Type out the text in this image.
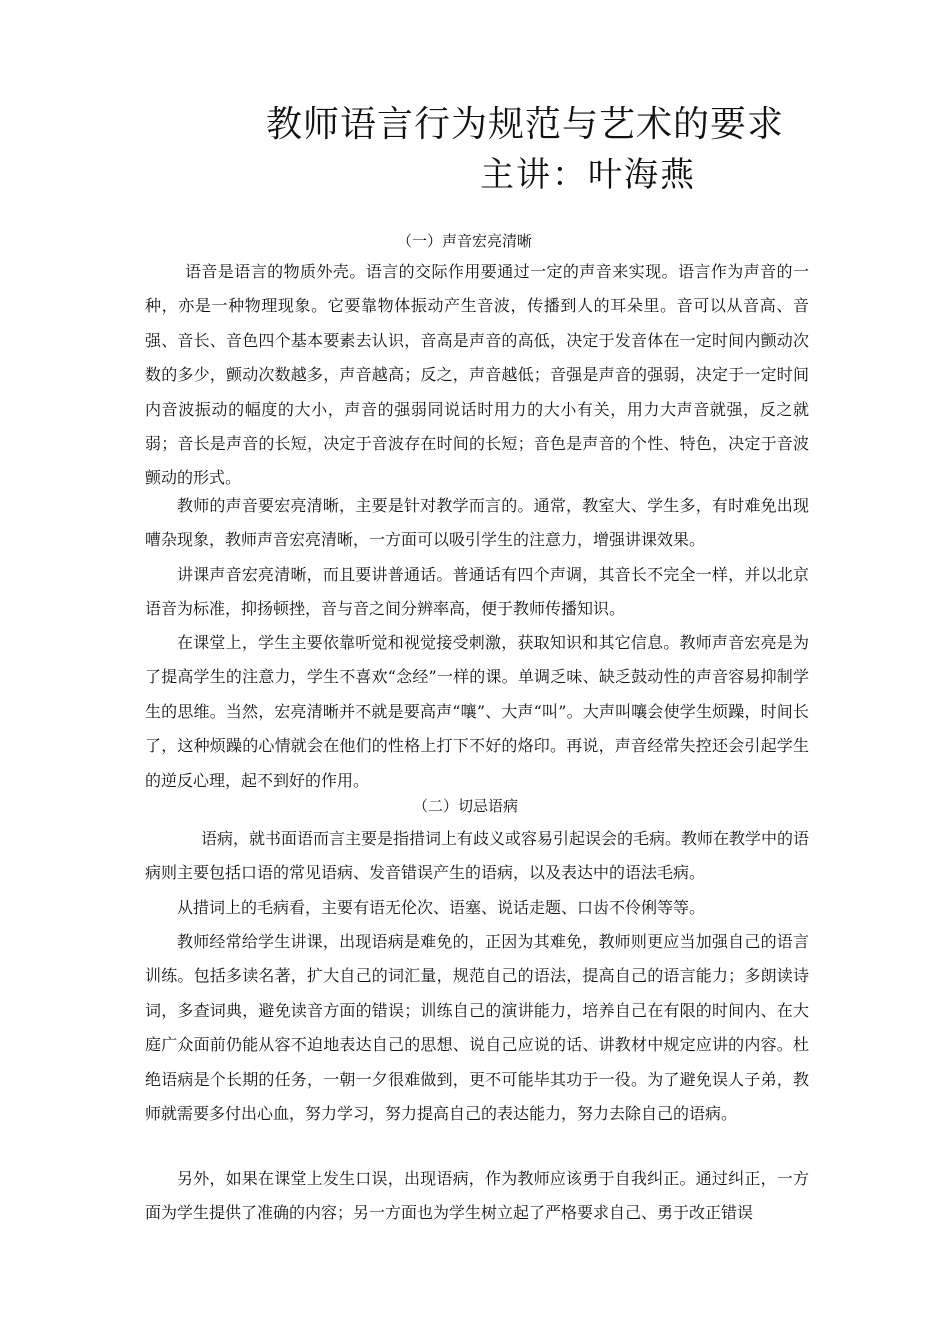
教师语言行为规范与艺术的要求
主讲：叶海燕
（一）声音宏亮清晰
语音是语言的物质外壳。语言的交际作用要通过一定的声音来实现。语言作为声音的一种，亦是一种物理现象。它要靠物体振动产生音波，传播到人的耳朵里。音可以从音高、音强、音长、音色四个基本要素去认识，音高是声音的高低，决定于发音体在一定时间内颤动次数的多少，颤动次数越多，声音越高；反之，声音越低；音强是声音的强弱，决定于一定时间内音波振动的幅度的大小，声音的强弱同说话时用力的大小有关，用力大声音就强，反之就弱；音长是声音的长短，决定于音波存在时间的长短；音色是声音的个性、特色，决定于音波颤动的形式。
教师的声音要宏亮清晰，主要是针对教学而言的。通常，教室大、学生多，有时难免出现嘈杂现象，教师声音宏亮清晰，一方面可以吸引学生的注意力，增强讲课效果。
讲课声音宏亮清晰，而且要讲普通话。普通话有四个声调，其音长不完全一样，并以北京语音为标准，抑扬顿挫，音与音之间分辨率高，便于教师传播知识。
在课堂上，学生主要依靠听觉和视觉接受刺激，获取知识和其它信息。教师声音宏亮是为了提高学生的注意力，学生不喜欢“念经”一样的课。单调乏味、缺乏鼓动性的声音容易抑制学生的思维。当然，宏亮清晰并不就是要高声“嚷”、大声“叫”。大声叫嚷会使学生烦躁，时间长了，这种烦躁的心情就会在他们的性格上打下不好的烙印。再说，声音经常失控还会引起学生的逆反心理，起不到好的作用。
（二）切忌语病
语病，就书面语而言主要是指措词上有歧义或容易引起误会的毛病。教师在教学中的语病则主要包括口语的常见语病、发音错误产生的语病，以及表达中的语法毛病。
从措词上的毛病看，主要有语无伦次、语塞、说话走题、口齿不伶俐等等。
教师经常给学生讲课，出现语病是难免的，正因为其难免，教师则更应当加强自己的语言训练。包括多读名著，扩大自己的词汇量，规范自己的语法，提高自己的语言能力；多朗读诗词，多查词典，避免读音方面的错误；训练自己的演讲能力，培养自己在有限的时间内、在大庭广众面前仍能从容不迫地表达自己的思想、说自己应说的话、讲教材中规定应讲的内容。杜绝语病是个长期的任务，一朝一夕很难做到，更不可能毕其功于一役。为了避免误人子弟，教师就需要多付出心血，努力学习，努力提高自己的表达能力，努力去除自己的语病。
另外，如果在课堂上发生口误，出现语病，作为教师应该勇于自我纠正。通过纠正，一方面为学生提供了准确的内容；另一方面也为学生树立起了严格要求自己、勇于改正错误
